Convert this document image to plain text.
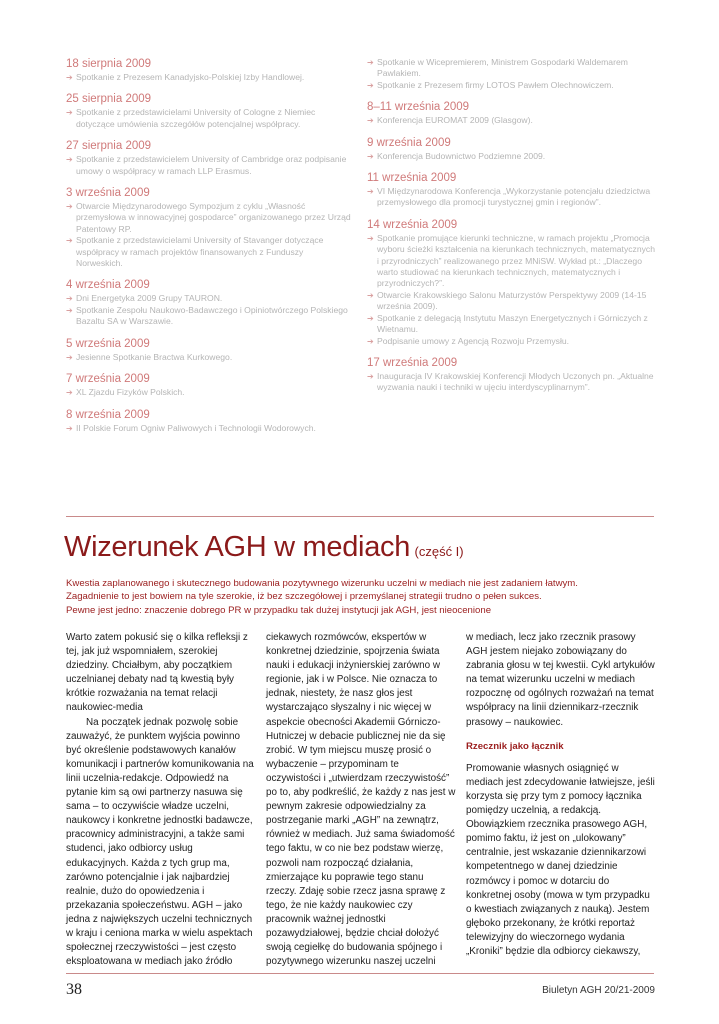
18 sierpnia 2009
➔ Spotkanie z Prezesem Kanadyjsko-Polskiej Izby Handlowej.
25 sierpnia 2009
➔ Spotkanie z przedstawicielami University of Cologne z Niemiec dotyczące umówienia szczegółów potencjalnej współpracy.
27 sierpnia 2009
➔ Spotkanie z przedstawicielem University of Cambridge oraz podpisanie umowy o współpracy w ramach LLP Erasmus.
3 września 2009
➔ Otwarcie Międzynarodowego Sympozjum z cyklu „Własność przemysłowa w innowacyjnej gospodarce” organizowanego przez Urząd Patentowy RP.
➔ Spotkanie z przedstawicielami University of Stavanger dotyczące współpracy w ramach projektów finansowanych z Funduszy Norweskich.
4 września 2009
➔ Dni Energetyka 2009 Grupy TAURON.
➔ Spotkanie Zespołu Naukowo-Badawczego i Opiniotwórczego Polskiego Bazaltu SA w Warszawie.
5 września 2009
➔ Jesienne Spotkanie Bractwa Kurkowego.
7 września 2009
➔ XL Zjazdu Fizyków Polskich.
8 września 2009
➔ II Polskie Forum Ogniw Paliwowych i Technologii Wodorowych.
➔ Spotkanie w Wicepremierem, Ministrem Gospodarki Waldemarem Pawlakiem.
➔ Spotkanie z Prezesem firmy LOTOS Pawłem Olechnowiczem.
8–11 września 2009
➔ Konferencja EUROMAT 2009 (Glasgow).
9 września 2009
➔ Konferencja Budownictwo Podziemne 2009.
11 września 2009
➔ VI Międzynarodowa Konferencja „Wykorzystanie potencjału dziedzictwa przemysłowego dla promocji turystycznej gmin i regionów”.
14 września 2009
➔ Spotkanie promujące kierunki techniczne, w ramach projektu „Promocja wyboru ścieżki kształcenia na kierunkach technicznych, matematycznych i przyrodniczych” realizowanego przez MNiSW. Wykład pt.: „Dlaczego warto studiować na kierunkach technicznych, matematycznych i przyrodniczych?”.
➔ Otwarcie Krakowskiego Salonu Maturzystów Perspektywy 2009 (14-15 września 2009).
➔ Spotkanie z delegacją Instytutu Maszyn Energetycznych i Górniczych z Wietnamu.
➔ Podpisanie umowy z Agencją Rozwoju Przemysłu.
17 września 2009
➔ Inauguracja IV Krakowskiej Konferencji Młodych Uczonych pn. „Aktualne wyzwania nauki i techniki w ujęciu interdyscyplinarnym”.
Wizerunek AGH w mediach (część I)
Kwestia zaplanowanego i skutecznego budowania pozytywnego wizerunku uczelni w mediach nie jest zadaniem łatwym.
Zagadnienie to jest bowiem na tyle szerokie, iż bez szczegółowej i przemyślanej strategii trudno o pełen sukces.
Pewne jest jedno: znaczenie dobrego PR w przypadku tak dużej instytucji jak AGH, jest nieocenione

Warto zatem pokusić się o kilka refleksji z tej, jak już wspomniałem, szerokiej dziedziny. Chciałbym, aby początkiem uczelnianej debaty nad tą kwestią były krótkie rozważania na temat relacji naukowiec-media

Na początek jednak pozwolę sobie zauważyć, że punktem wyjścia powinno być określenie podstawowych kanałów komunikacji i partnerów komunikowania na linii uczelnia-redakcje. Odpowiedź na pytanie kim są owi partnerzy nasuwa się sama – to oczywiście władze uczelni, naukowcy i konkretne jednostki badawcze, pracownicy administracyjni, a także sami studenci, jako odbiorcy usług edukacyjnych. Każda z tych grup ma, zarówno potencjalnie i jak najbardziej realnie, dużo do opowiedzenia i przekazania społeczeństwu. AGH – jako jedna z największych uczelni technicznych w kraju i ceniona marka w wielu aspektach społecznej rzeczywistości – jest często eksploatowana w mediach jako źródło

ciekawych rozmówców, ekspertów w konkretnej dziedzinie, spojrzenia świata nauki i edukacji inżynierskiej zarówno w regionie, jak i w Polsce. Nie oznacza to jednak, niestety, że nasz głos jest wystarczająco słyszalny i nic więcej w aspekcie obecności Akademii Górniczo-Hutniczej w debacie publicznej nie da się zrobić. W tym miejscu muszę prosić o wybaczenie – przypominam te oczywistości i „utwierdzam rzeczywistość” po to, aby podkreślić, że każdy z nas jest w pewnym zakresie odpowiedzialny za postrzeganie marki „AGH” na zewnątrz, również w mediach. Już sama świadomość tego faktu, w co nie bez podstaw wierzę, pozwoli nam rozpocząć działania, zmierzające ku poprawie tego stanu rzeczy. Zdaję sobie rzecz jasna sprawę z tego, że nie każdy naukowiec czy pracownik ważnej jednostki pozawydziałowej, będzie chciał dołożyć swoją cegiełkę do budowania spójnego i pozytywnego wizerunku naszej uczelni

w mediach, lecz jako rzecznik prasowy AGH jestem niejako zobowiązany do zabrania głosu w tej kwestii. Cykl artykułów na temat wizerunku uczelni w mediach rozpocznę od ogólnych rozważań na temat współpracy na linii dziennikarz-rzecznik prasowy – naukowiec.

Rzecznik jako łącznik

Promowanie własnych osiągnięć w mediach jest zdecydowanie łatwiejsze, jeśli korzysta się przy tym z pomocy łącznika pomiędzy uczelnią, a redakcją. Obowiązkiem rzecznika prasowego AGH, pomimo faktu, iż jest on „ulokowany” centralnie, jest wskazanie dziennikarzowi kompetentnego w danej dziedzinie rozmówcy i pomoc w dotarciu do konkretnej osoby (mowa w tym przypadku o kwestiach związanych z nauką). Jestem głęboko przekonany, że krótki reportaż telewizyjny do wieczornego wydania „Kroniki” będzie dla odbiorcy ciekawszy,

38	Biuletyn AGH 20/21-2009
